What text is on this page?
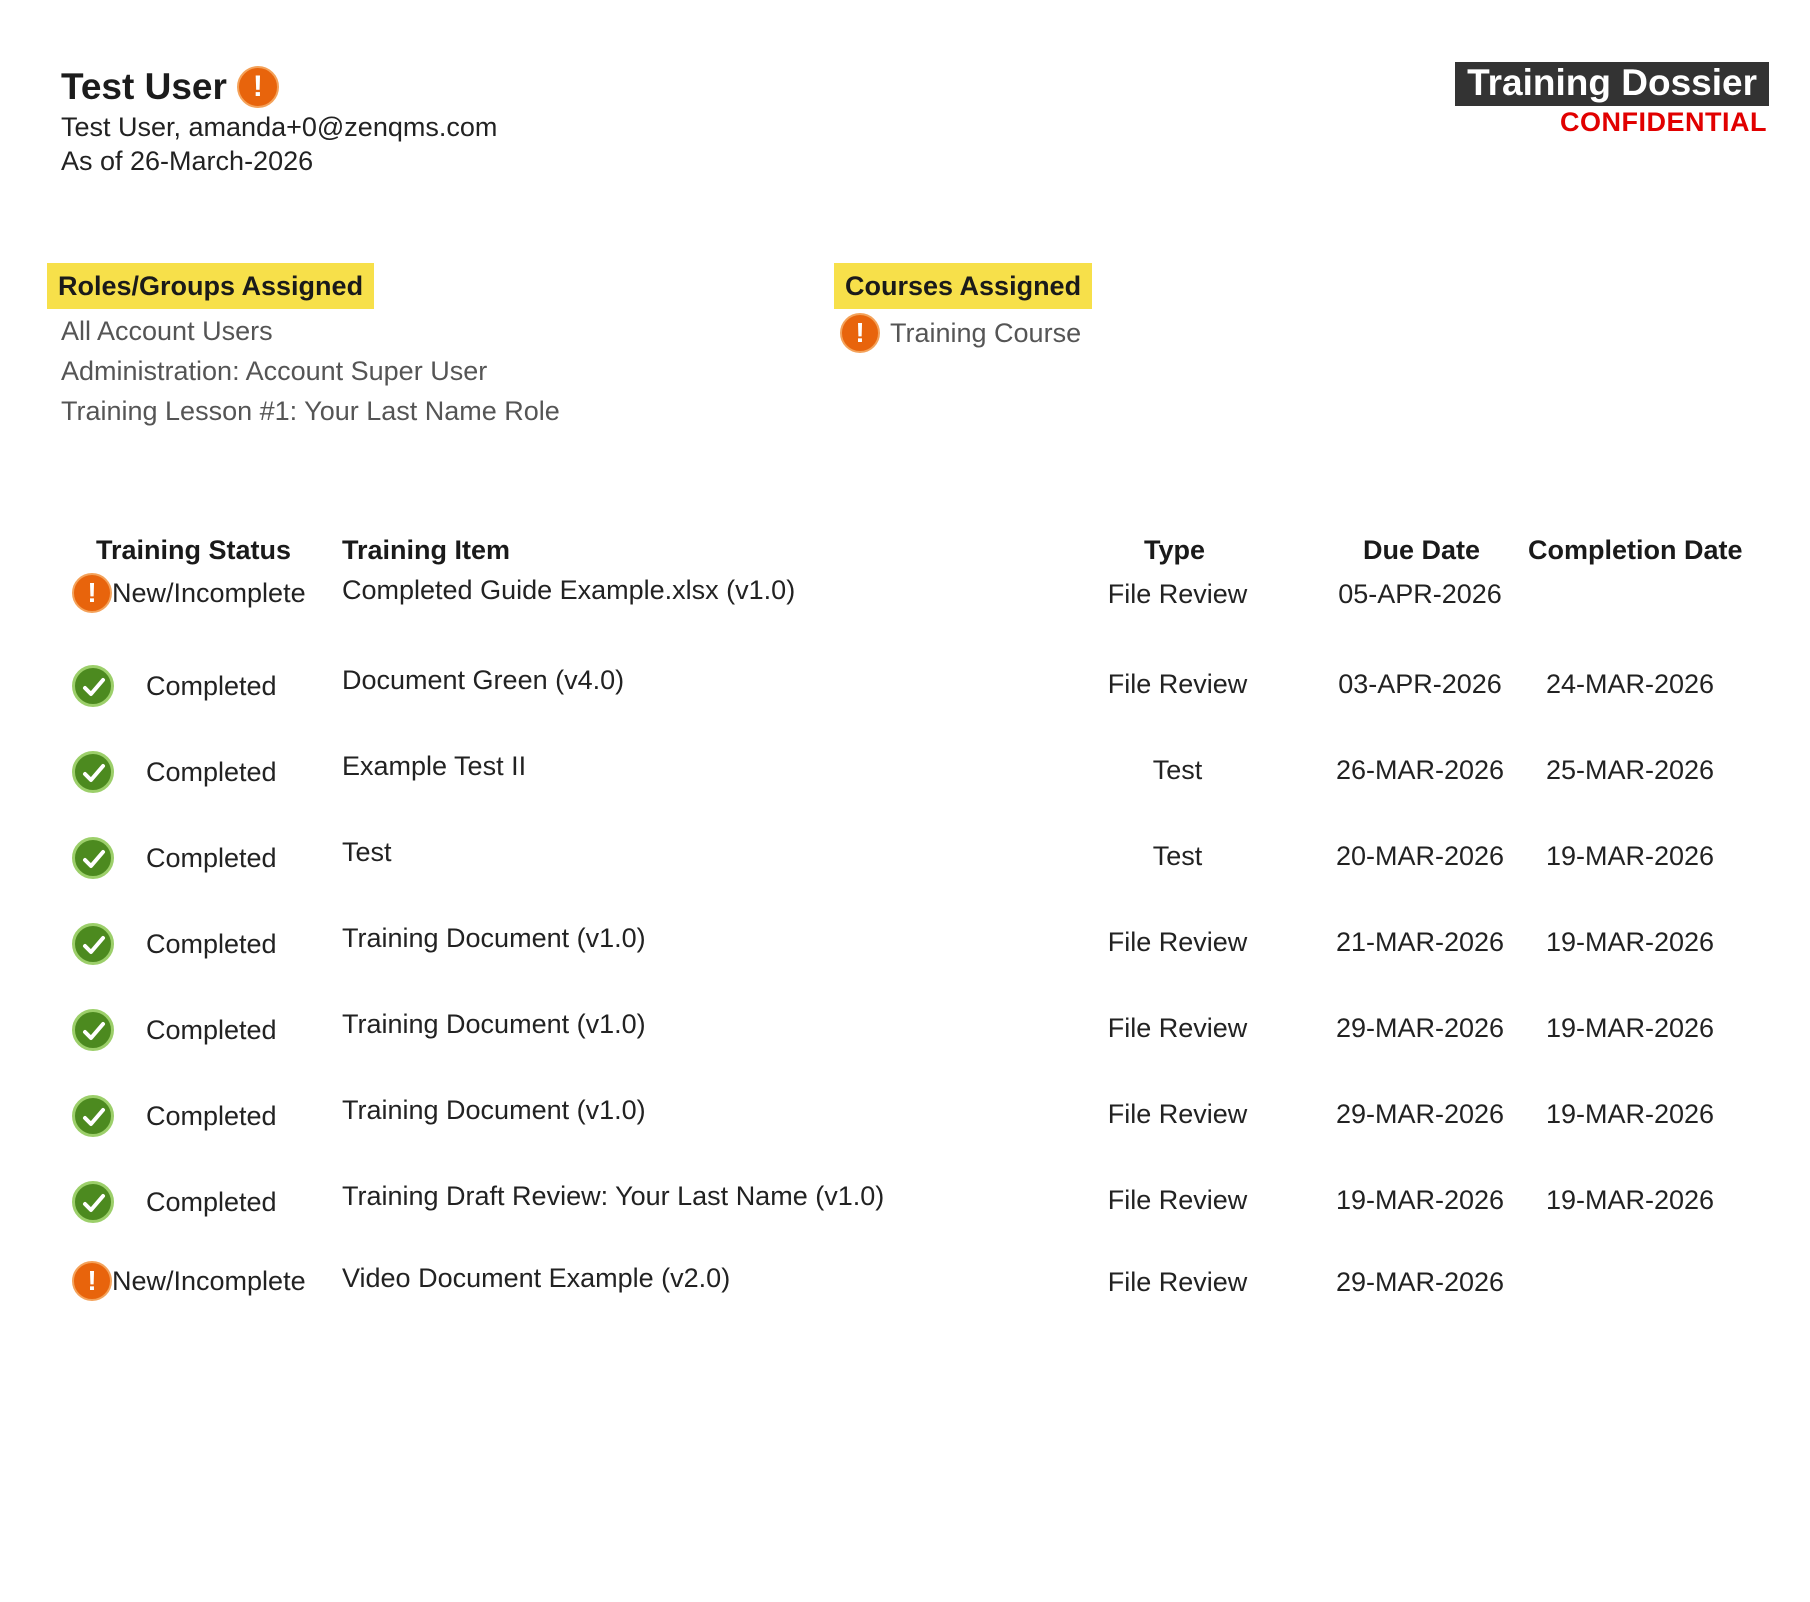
Test User !
Test User, amanda+0@zenqms.com
As of 26-March-2026
Training Dossier
CONFIDENTIAL
Roles/Groups Assigned
All Account Users
Administration: Account Super User
Training Lesson #1: Your Last Name Role
Courses Assigned
! Training Course
Training Status Training Item	Type	Due Date Completion Date
! New/Incomplete Completed Guide Example.xlsx (v1.0)	File Review	05-APR-2026
Completed Document Green (v4.0)	File Review	03-APR-2026	24-MAR-2026
Completed Example Test II	Test	26-MAR-2026	25-MAR-2026
Completed Test	Test	20-MAR-2026	19-MAR-2026
Completed Training Document (v1.0)	File Review	21-MAR-2026	19-MAR-2026
Completed Training Document (v1.0)	File Review	29-MAR-2026	19-MAR-2026
Completed Training Document (v1.0)	File Review	29-MAR-2026	19-MAR-2026
Completed Training Draft Review: Your Last Name (v1.0)	File Review	19-MAR-2026	19-MAR-2026
! New/Incomplete Video Document Example (v2.0)	File Review	29-MAR-2026
